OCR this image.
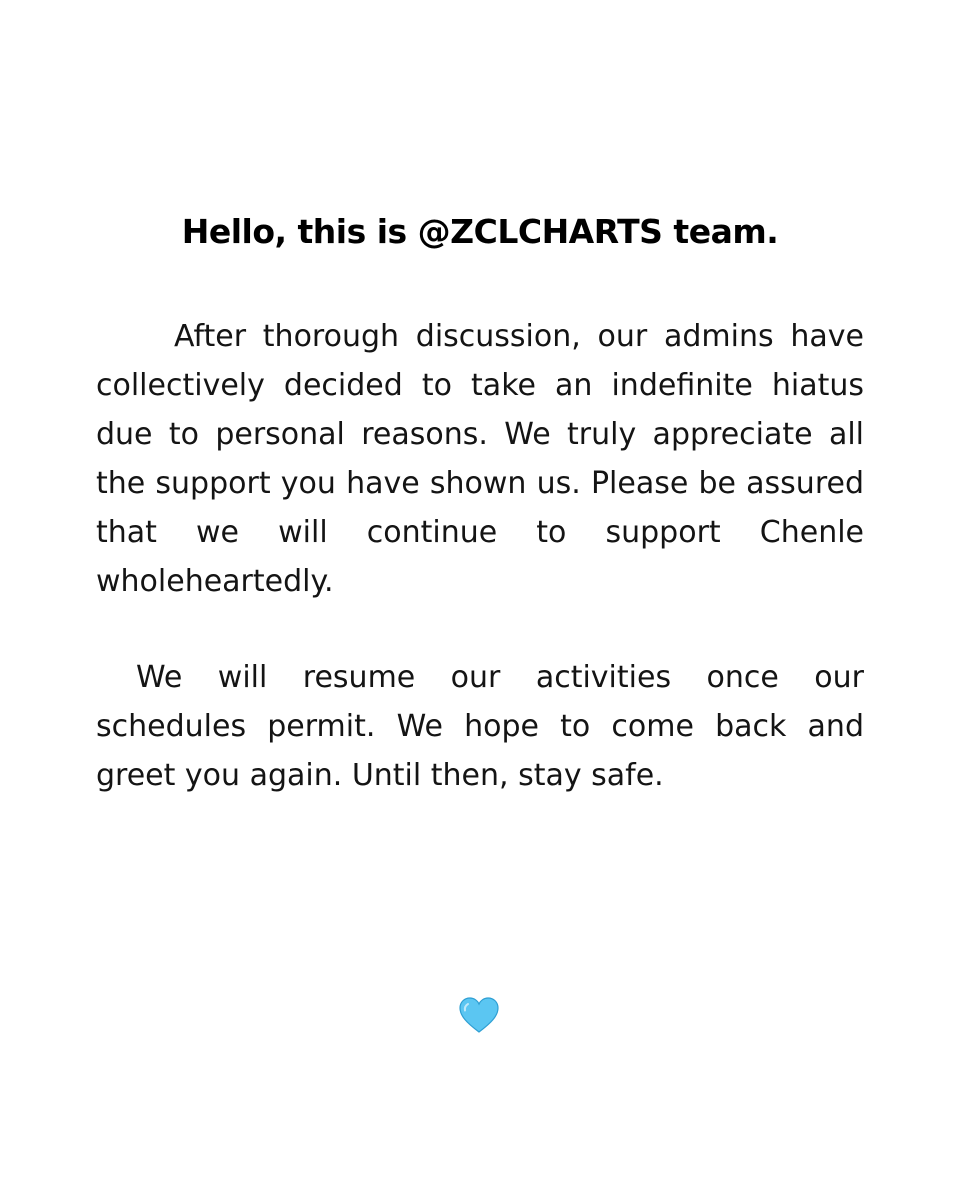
Hello, this is @ZCLCHARTS team.

After thorough discussion, our admins have collectively decided to take an indefinite hiatus due to personal reasons. We truly appreciate all the support you have shown us. Please be assured that we will continue to support Chenle wholeheartedly.

We will resume our activities once our schedules permit. We hope to come back and greet you again. Until then, stay safe.
